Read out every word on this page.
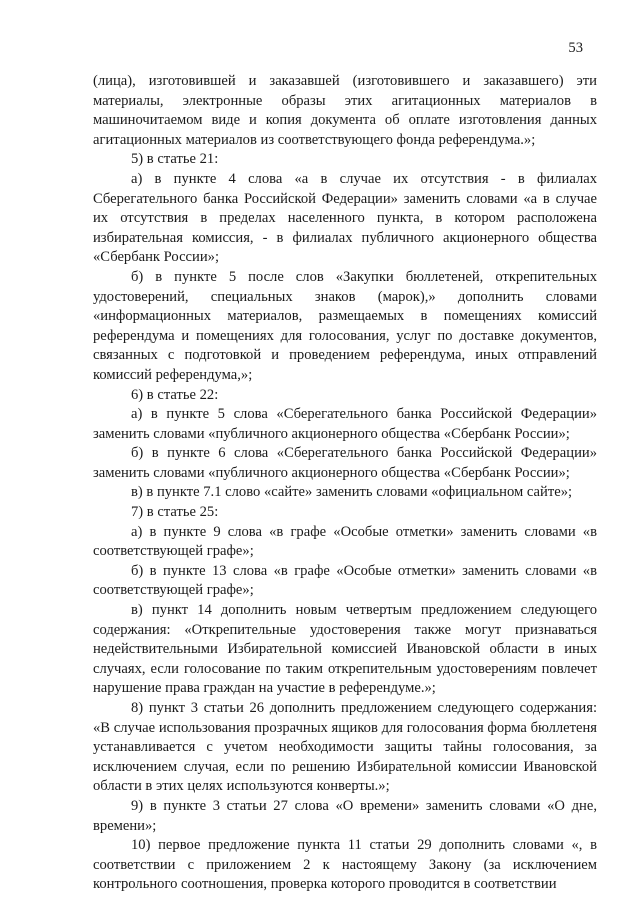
53

(лица), изготовившей и заказавшей (изготовившего и заказавшего) эти материалы, электронные образы этих агитационных материалов в машиночитаемом виде и копия документа об оплате изготовления данных агитационных материалов из соответствующего фонда референдума.»;

5) в статье 21:

а) в пункте 4 слова «а в случае их отсутствия - в филиалах Сберегательного банка Российской Федерации» заменить словами «а в случае их отсутствия в пределах населенного пункта, в котором расположена избирательная комиссия, - в филиалах публичного акционерного общества «Сбербанк России»;

б) в пункте 5 после слов «Закупки бюллетеней, открепительных удостоверений, специальных знаков (марок),» дополнить словами «информационных материалов, размещаемых в помещениях комиссий референдума и помещениях для голосования, услуг по доставке документов, связанных с подготовкой и проведением референдума, иных отправлений комиссий референдума,»;

6) в статье 22:

а) в пункте 5 слова «Сберегательного банка Российской Федерации» заменить словами «публичного акционерного общества «Сбербанк России»;

б) в пункте 6 слова «Сберегательного банка Российской Федерации» заменить словами «публичного акционерного общества «Сбербанк России»;

в) в пункте 7.1 слово «сайте» заменить словами «официальном сайте»;

7) в статье 25:

а) в пункте 9 слова «в графе «Особые отметки» заменить словами «в соответствующей графе»;

б) в пункте 13 слова «в графе «Особые отметки» заменить словами «в соответствующей графе»;

в) пункт 14 дополнить новым четвертым предложением следующего содержания: «Открепительные удостоверения также могут признаваться недействительными Избирательной комиссией Ивановской области в иных случаях, если голосование по таким открепительным удостоверениям повлечет нарушение права граждан на участие в референдуме.»;

8) пункт 3 статьи 26 дополнить предложением следующего содержания: «В случае использования прозрачных ящиков для голосования форма бюллетеня устанавливается с учетом необходимости защиты тайны голосования, за исключением случая, если по решению Избирательной комиссии Ивановской области в этих целях используются конверты.»;

9) в пункте 3 статьи 27 слова «О времени» заменить словами «О дне, времени»;

10) первое предложение пункта 11 статьи 29 дополнить словами «, в соответствии с приложением 2 к настоящему Закону (за исключением контрольного соотношения, проверка которого проводится в соответствии
